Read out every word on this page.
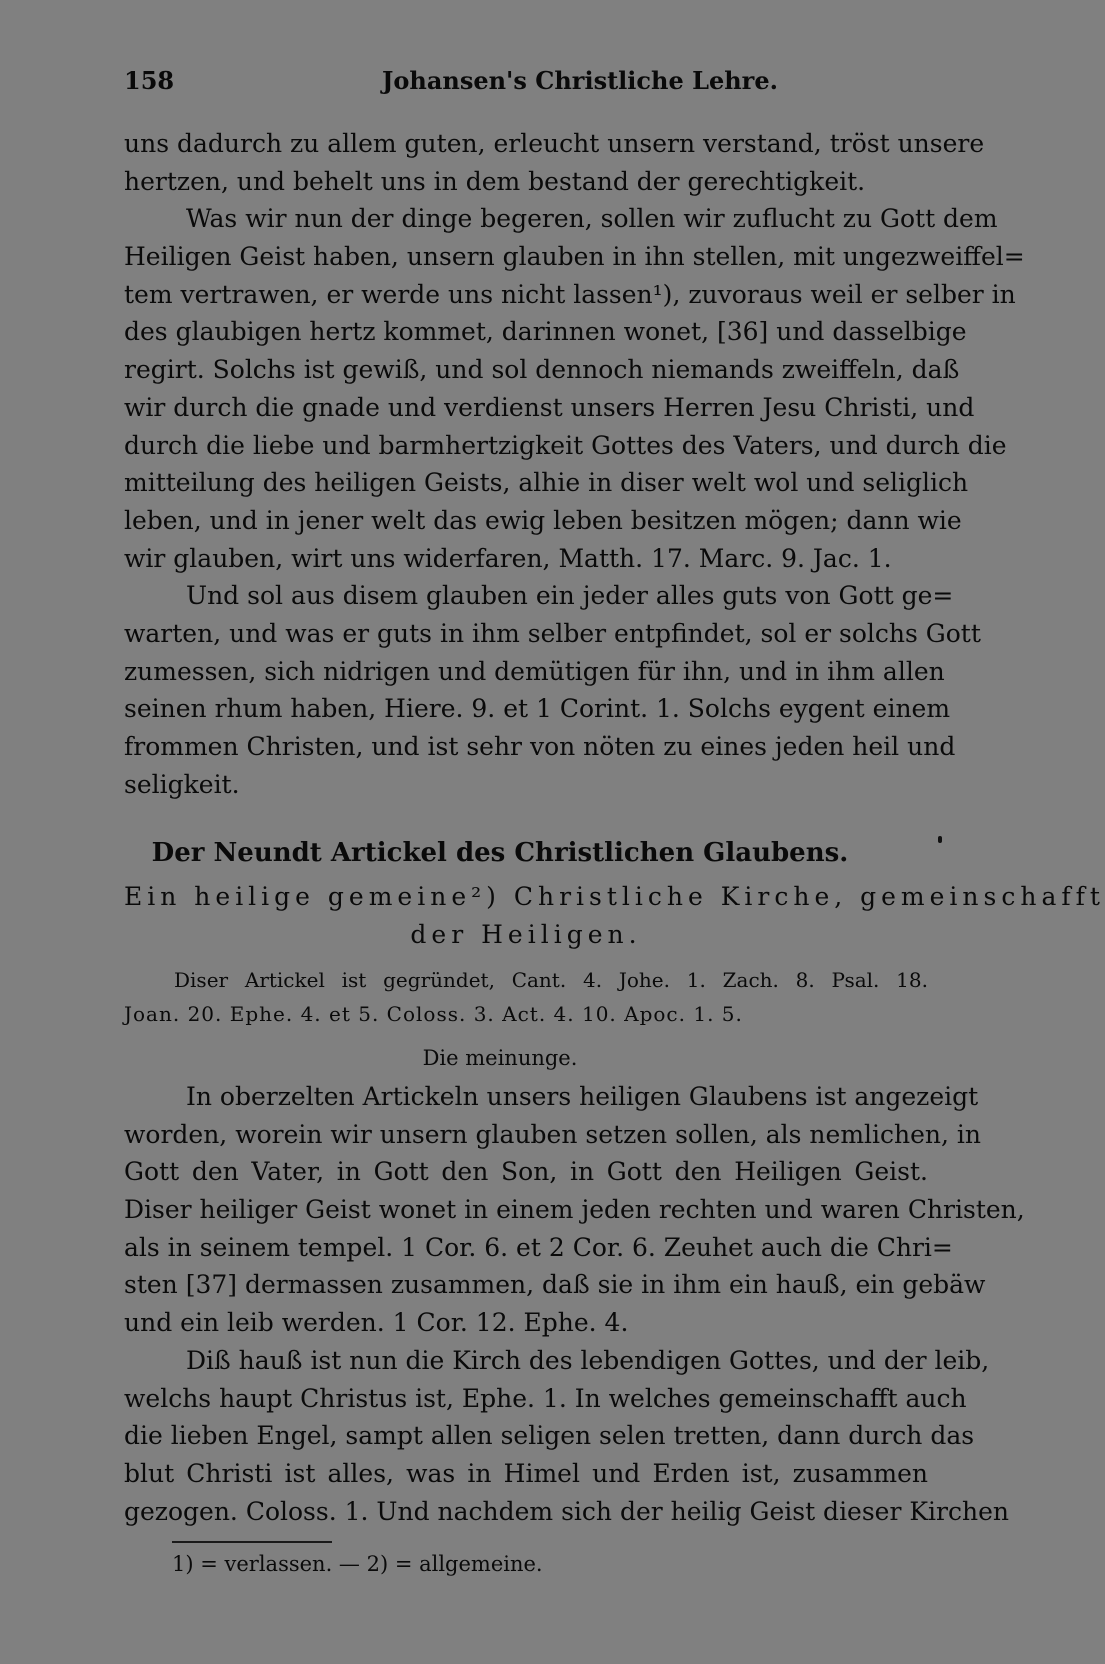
158	Johansen's Christliche Lehre.
uns dadurch zu allem guten, erleucht unsern verstand, tröst unsere
hertzen, und behelt uns in dem bestand der gerechtigkeit.
Was wir nun der dinge begeren, sollen wir zuflucht zu Gott dem
Heiligen Geist haben, unsern glauben in ihn stellen, mit ungezweiffel=
tem vertrawen, er werde uns nicht lassen¹), zuvoraus weil er selber in
des glaubigen hertz kommet, darinnen wonet, [36] und dasselbige
regirt. Solchs ist gewiß, und sol dennoch niemands zweiffeln, daß
wir durch die gnade und verdienst unsers Herren Jesu Christi, und
durch die liebe und barmhertzigkeit Gottes des Vaters, und durch die
mitteilung des heiligen Geists, alhie in diser welt wol und seliglich
leben, und in jener welt das ewig leben besitzen mögen; dann wie
wir glauben, wirt uns widerfaren, Matth. 17. Marc. 9. Jac. 1.
Und sol aus disem glauben ein jeder alles guts von Gott ge=
warten, und was er guts in ihm selber entpfindet, sol er solchs Gott
zumessen, sich nidrigen und demütigen für ihn, und in ihm allen
seinen rhum haben, Hiere. 9. et 1 Corint. 1. Solchs eygent einem
frommen Christen, und ist sehr von nöten zu eines jeden heil und
seligkeit.
Der Neundt Artickel des Christlichen Glaubens.
Ein heilige gemeine²) Christliche Kirche, gemeinschafft
der Heiligen.
Diser Artickel ist gegründet, Cant. 4. Johe. 1. Zach. 8. Psal. 18.
Joan. 20. Ephe. 4. et 5. Coloss. 3. Act. 4. 10. Apoc. 1. 5.
Die meinunge.
In oberzelten Artickeln unsers heiligen Glaubens ist angezeigt
worden, worein wir unsern glauben setzen sollen, als nemlichen, in
Gott den Vater, in Gott den Son, in Gott den Heiligen Geist.
Diser heiliger Geist wonet in einem jeden rechten und waren Christen,
als in seinem tempel. 1 Cor. 6. et 2 Cor. 6. Zeuhet auch die Chri=
sten [37] dermassen zusammen, daß sie in ihm ein hauß, ein gebäw
und ein leib werden. 1 Cor. 12. Ephe. 4.
Diß hauß ist nun die Kirch des lebendigen Gottes, und der leib,
welchs haupt Christus ist, Ephe. 1. In welches gemeinschafft auch
die lieben Engel, sampt allen seligen selen tretten, dann durch das
blut Christi ist alles, was in Himel und Erden ist, zusammen
gezogen. Coloss. 1. Und nachdem sich der heilig Geist dieser Kirchen
1) = verlassen. — 2) = allgemeine.
